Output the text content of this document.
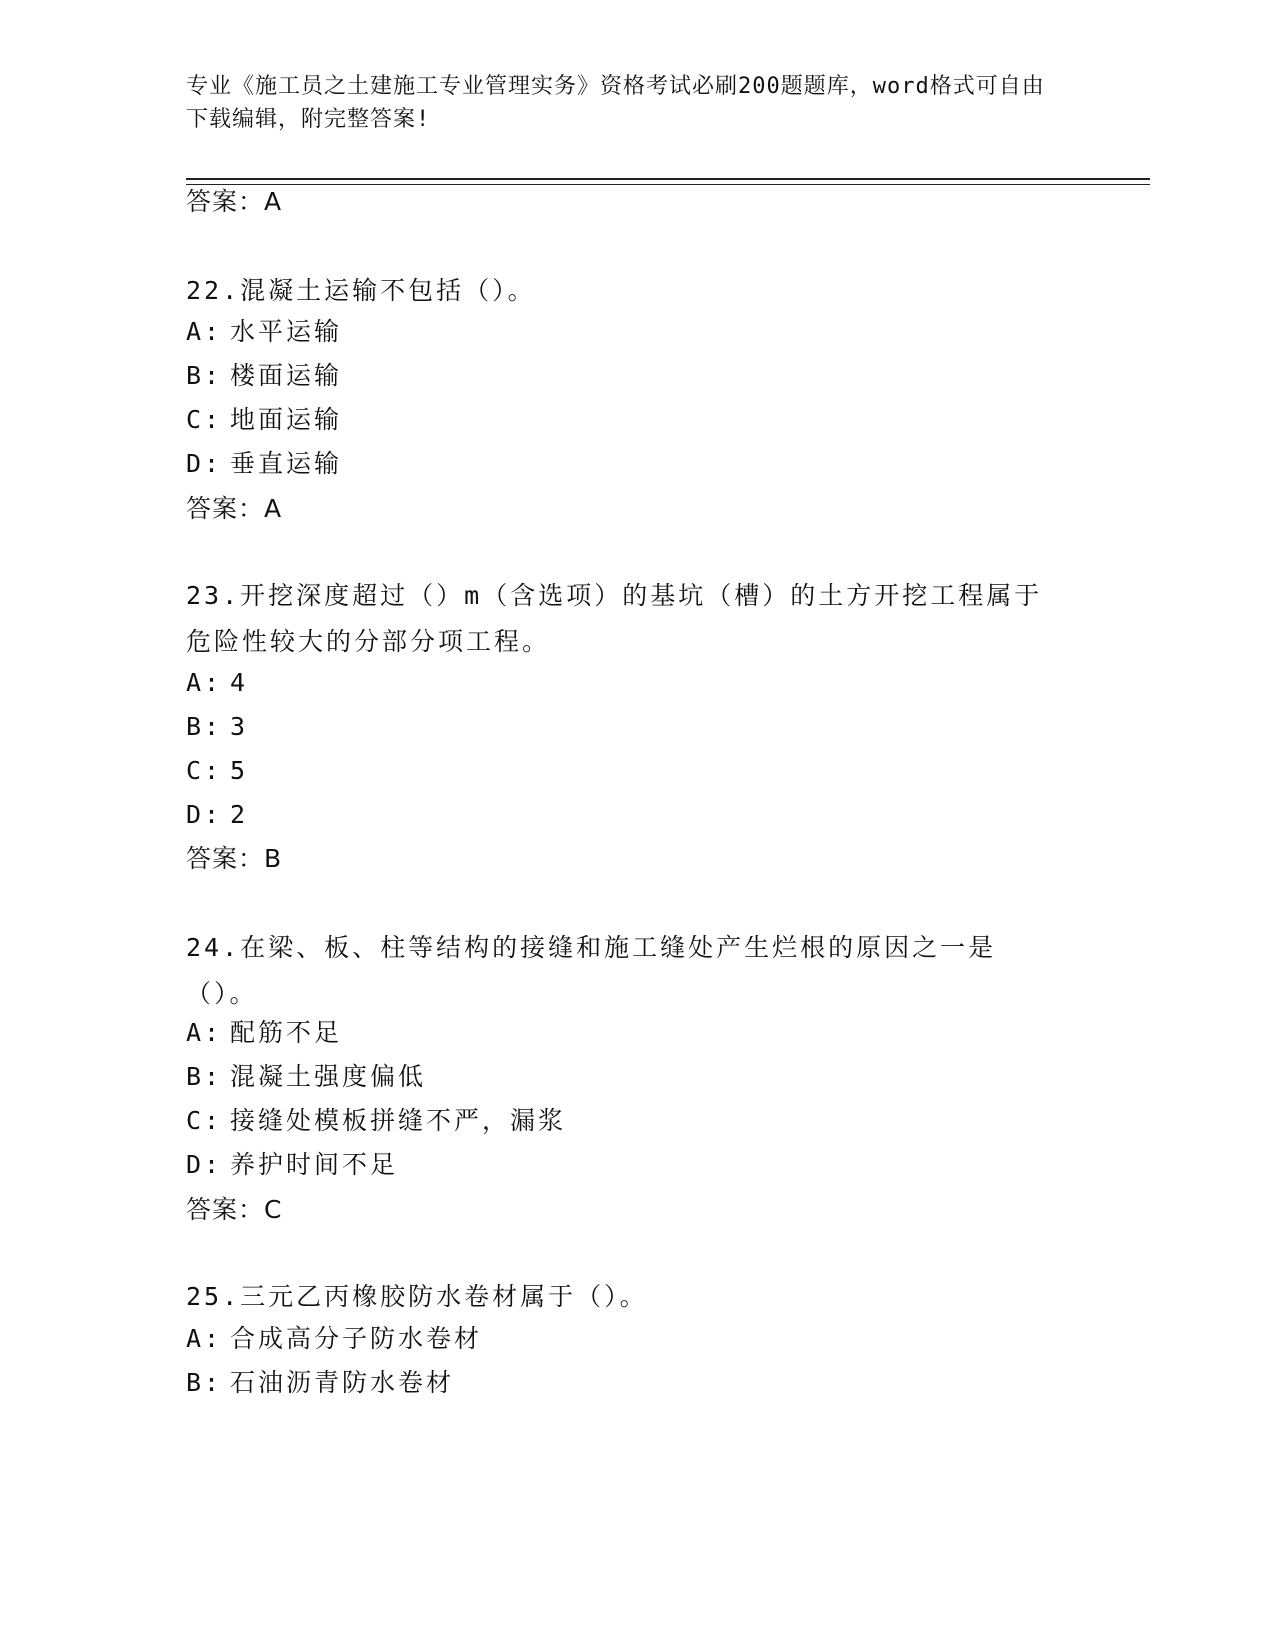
专业《施工员之土建施工专业管理实务》资格考试必刷200题题库，word格式可自由下载编辑，附完整答案!
答案：A
22.混凝土运输不包括（）。
A: 水平运输
B: 楼面运输
C: 地面运输
D: 垂直运输
答案：A
23.开挖深度超过（）m（含选项）的基坑（槽）的土方开挖工程属于危险性较大的分部分项工程。
A: 4
B: 3
C: 5
D: 2
答案：B
24.在梁、板、柱等结构的接缝和施工缝处产生烂根的原因之一是（）。
A: 配筋不足
B: 混凝土强度偏低
C: 接缝处模板拼缝不严，漏浆
D: 养护时间不足
答案：C
25.三元乙丙橡胶防水卷材属于（）。
A: 合成高分子防水卷材
B: 石油沥青防水卷材
